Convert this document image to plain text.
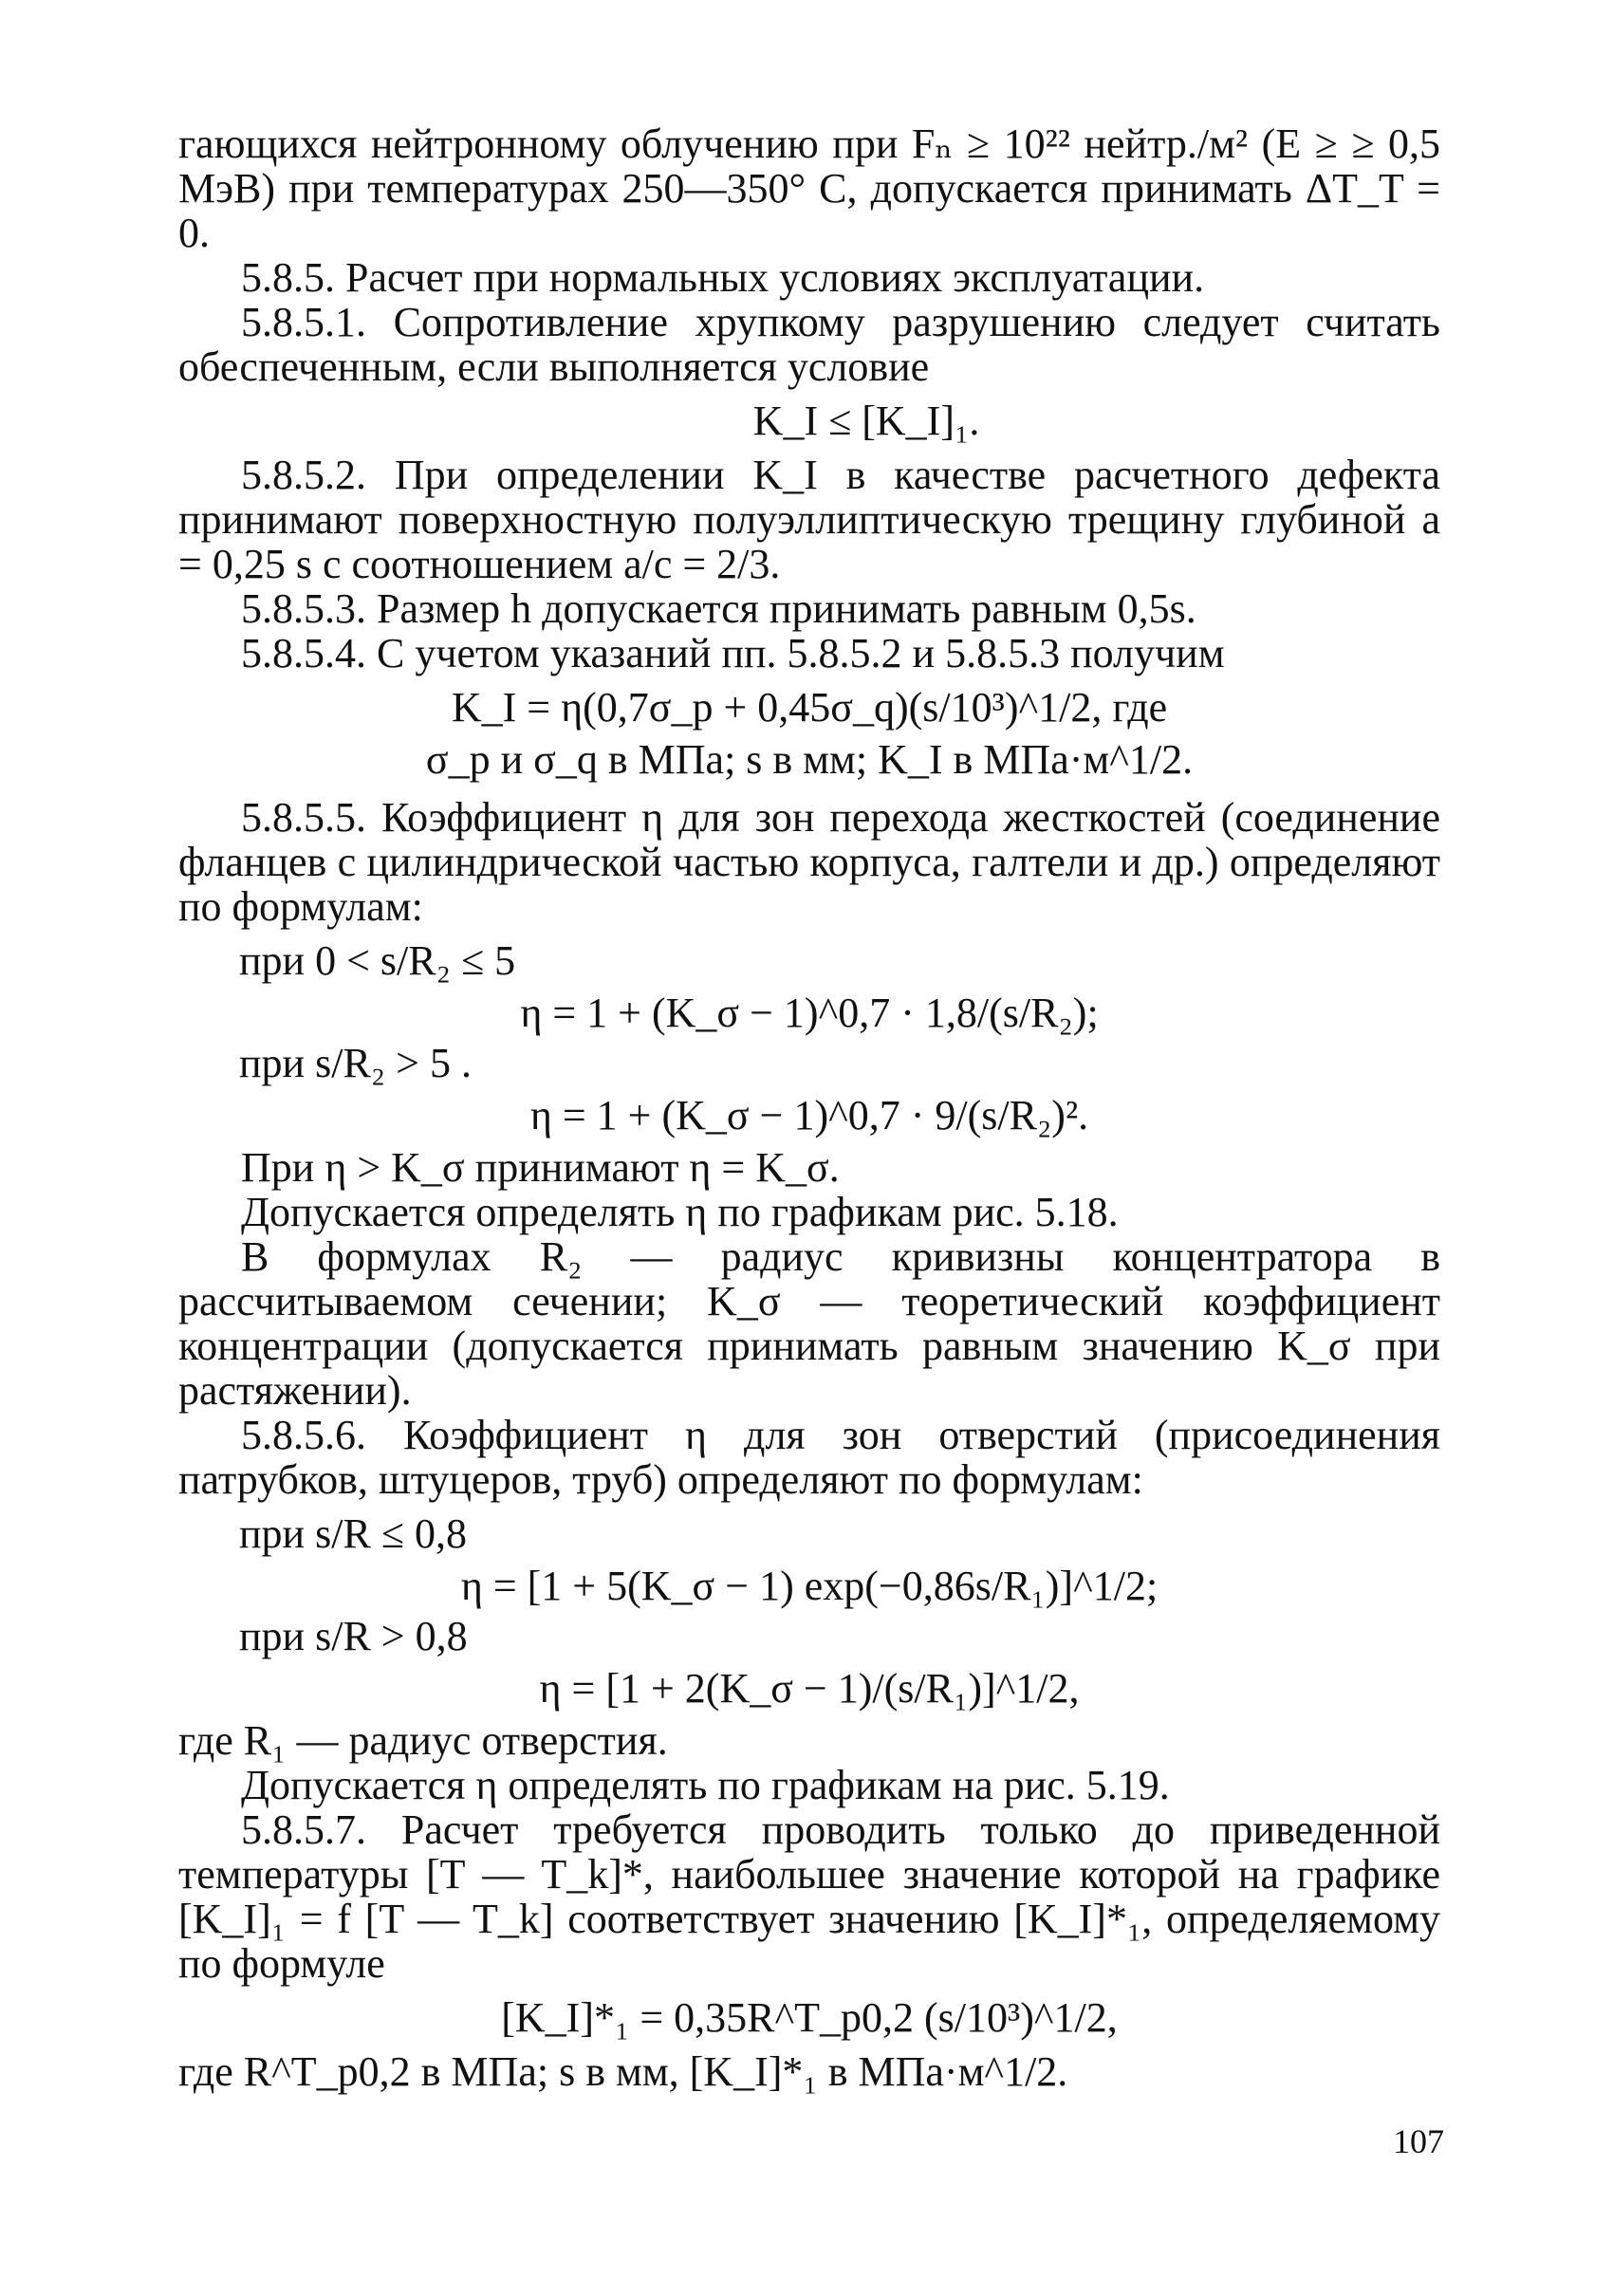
гающихся нейтронному облучению при Fₙ ≥ 10²² нейтр./м² (E ≥ ≥ 0,5 МэВ) при температурах 250—350° C, допускается принимать ΔT_T = 0.

5.8.5. Расчет при нормальных условиях эксплуатации.

5.8.5.1. Сопротивление хрупкому разрушению следует считать обеспеченным, если выполняется условие

K_I ≤ [K_I]₁.

5.8.5.2. При определении K_I в качестве расчетного дефекта принимают поверхностную полуэллиптическую трещину глубиной a = 0,25 s с соотношением a/c = 2/3.

5.8.5.3. Размер h допускается принимать равным 0,5s.

5.8.5.4. С учетом указаний пп. 5.8.5.2 и 5.8.5.3 получим

K_I = η(0,7σ_p + 0,45σ_q)(s/10³)^1/2, где

σ_p и σ_q в МПа; s в мм; K_I в МПа·м^1/2.

5.8.5.5. Коэффициент η для зон перехода жесткостей (соединение фланцев с цилиндрической частью корпуса, галтели и др.) определяют по формулам:

при 0 < s/R₂ ≤ 5

η = 1 + (K_σ − 1)^0,7 · 1,8/(s/R₂);

при s/R₂ > 5 .

η = 1 + (K_σ − 1)^0,7 · 9/(s/R₂)².

При η > K_σ принимают η = K_σ.

Допускается определять η по графикам рис. 5.18.

В формулах R₂ — радиус кривизны концентратора в рассчитываемом сечении; K_σ — теоретический коэффициент концентрации (допускается принимать равным значению K_σ при растяжении).

5.8.5.6. Коэффициент η для зон отверстий (присоединения патрубков, штуцеров, труб) определяют по формулам:

при s/R ≤ 0,8

η = [1 + 5(K_σ − 1) exp(−0,86s/R₁)]^1/2;

при s/R > 0,8

η = [1 + 2(K_σ − 1)/(s/R₁)]^1/2,

где R₁ — радиус отверстия.

Допускается η определять по графикам на рис. 5.19.

5.8.5.7. Расчет требуется проводить только до приведенной температуры [T — T_k]*, наибольшее значение которой на графике [K_I]₁ = f [T — T_k] соответствует значению [K_I]*₁, определяемому по формуле

[K_I]*₁ = 0,35R^T_p0,2 (s/10³)^1/2,

где R^T_p0,2 в МПа; s в мм, [K_I]*₁ в МПа·м^1/2.

107
